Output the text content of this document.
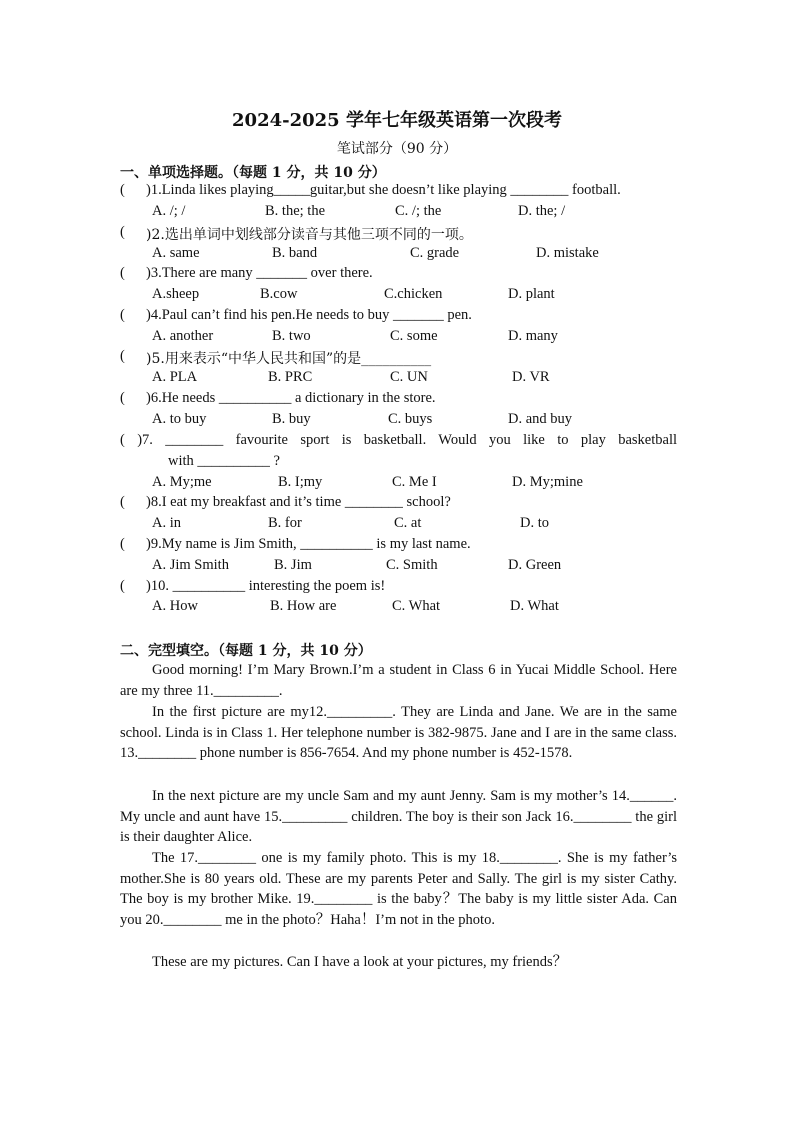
2024-2025 学年七年级英语第一次段考
笔试部分（90 分）
一、单项选择题。（每题 1 分，共 10 分）
( )1.Linda likes playing_____guitar,but she doesn’t like playing ________ football.
A. /; /	B. the; the	C. /; the	D. the; /
( )2.选出单词中划线部分读音与其他三项不同的一项。
A. same	B. band	C. grade	D. mistake
( )3.There are many _______ over there.
A.sheep	B.cow	C.chicken	D. plant
( )4.Paul can’t find his pen.He needs to buy _______ pen.
A. another	B. two	C. some	D. many
( )5.用来表示“中华人民共和国”的是__________
A. PLA	B. PRC	C. UN	D. VR
( )6.He needs __________ a dictionary in the store.
A. to buy	B. buy	C. buys	D. and buy
( )7. ________ favourite sport is basketball. Would you like to play basketball
with __________ ?
A. My;me	B. I;my	C. Me I	D. My;mine
( )8.I eat my breakfast and it’s time ________ school?
A. in	B. for	C. at	D. to
( )9.My name is Jim Smith, __________ is my last name.
A. Jim Smith	B. Jim	C. Smith	D. Green
( )10. __________ interesting the poem is!
A. How	B. How are	C. What	D. What
二、完型填空。（每题 1 分，共 10 分）
Good morning! I’m Mary Brown.I’m a student in Class 6 in Yucai Middle School. Here are my three 11._________.
In the first picture are my12._________. They are Linda and Jane. We are in the same school. Linda is in Class 1. Her telephone number is 382-9875. Jane and I are in the same class. 13.________ phone number is 856-7654. And my phone number is 452-1578.
In the next picture are my uncle Sam and my aunt Jenny. Sam is my mother’s 14.______. My uncle and aunt have 15._________ children. The boy is their son Jack 16.________ the girl is their daughter Alice.
The 17.________ one is my family photo. This is my 18.________. She is my father’s mother.She is 80 years old. These are my parents Peter and Sally. The girl is my sister Cathy. The boy is my brother Mike. 19.________ is the baby？The baby is my little sister Ada. Can you 20.________ me in the photo？Haha！I’m not in the photo.
These are my pictures. Can I have a look at your pictures, my friends？
